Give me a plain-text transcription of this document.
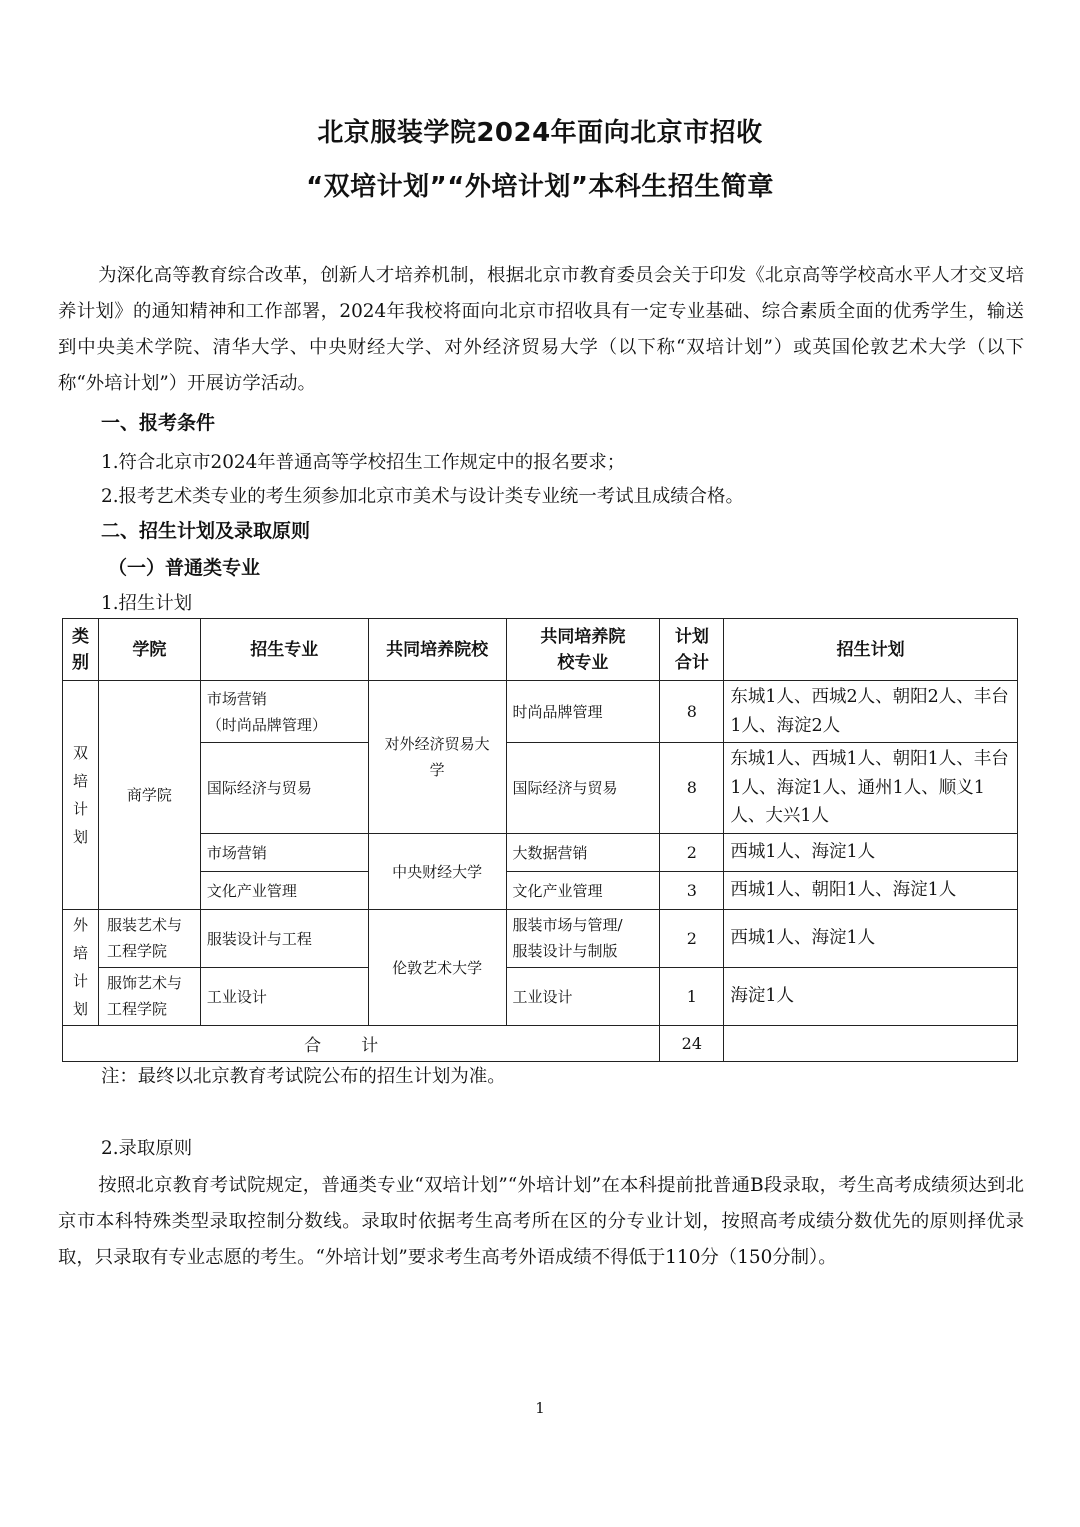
北京服装学院2024年面向北京市招收
“双培计划”“外培计划”本科生招生简章
为深化高等教育综合改革，创新人才培养机制，根据北京市教育委员会关于印发《北京高等学校高水平人才交叉培养计划》的通知精神和工作部署，2024年我校将面向北京市招收具有一定专业基础、综合素质全面的优秀学生，输送到中央美术学院、清华大学、中央财经大学、对外经济贸易大学（以下称“双培计划”）或英国伦敦艺术大学（以下称“外培计划”）开展访学活动。
一、报考条件
1.符合北京市2024年普通高等学校招生工作规定中的报名要求；
2.报考艺术类专业的考生须参加北京市美术与设计类专业统一考试且成绩合格。
二、招生计划及录取原则
（一）普通类专业
1.招生计划
类别	学院	招生专业	共同培养院校	共同培养院校专业	计划合计	招生计划
双培计划	商学院	市场营销
（时尚品牌管理）	对外经济贸易大学	时尚品牌管理	8	东城1人、西城2人、朝阳2人、丰台1人、海淀2人
		国际经济与贸易		国际经济与贸易	8	东城1人、西城1人、朝阳1人、丰台1人、海淀1人、通州1人、顺义1人、大兴1人
		市场营销	中央财经大学	大数据营销	2	西城1人、海淀1人
		文化产业管理		文化产业管理	3	西城1人、朝阳1人、海淀1人
外培计划	服装艺术与工程学院	服装设计与工程	伦敦艺术大学	服装市场与管理/
服装设计与制版	2	西城1人、海淀1人
	服饰艺术与工程学院	工业设计		工业设计	1	海淀1人
合计					24	
注：最终以北京教育考试院公布的招生计划为准。
2.录取原则
按照北京教育考试院规定，普通类专业“双培计划”“外培计划”在本科提前批普通B段录取，考生高考成绩须达到北京市本科特殊类型录取控制分数线。录取时依据考生高考所在区的分专业计划，按照高考成绩分数优先的原则择优录取，只录取有专业志愿的考生。“外培计划”要求考生高考外语成绩不得低于110分（150分制）。
1
